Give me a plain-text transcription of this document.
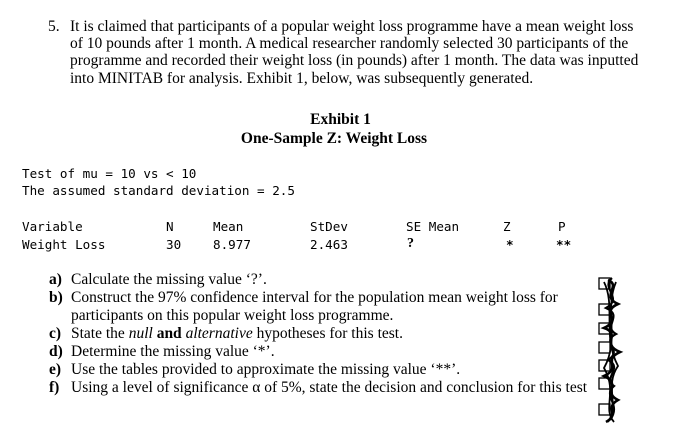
5. It is claimed that participants of a popular weight loss programme have a mean weight loss
of 10 pounds after 1 month. A medical researcher randomly selected 30 participants of the
programme and recorded their weight loss (in pounds) after 1 month. The data was inputted
into MINITAB for analysis. Exhibit 1, below, was subsequently generated.
Exhibit 1
One-Sample Z: Weight Loss
Test of mu = 10 vs < 10
The assumed standard deviation = 2.5
Variable	N	Mean	StDev	SE Mean	Z	P
Weight Loss	30	8.977	2.463	?	*	**
a) Calculate the missing value ‘?’.
b) Construct the 97% confidence interval for the population mean weight loss for
participants on this popular weight loss programme.
c) State the null and alternative hypotheses for this test.
d) Determine the missing value ‘*’.
e) Use the tables provided to approximate the missing value ‘**’.
f) Using a level of significance α of 5%, state the decision and conclusion for this test
